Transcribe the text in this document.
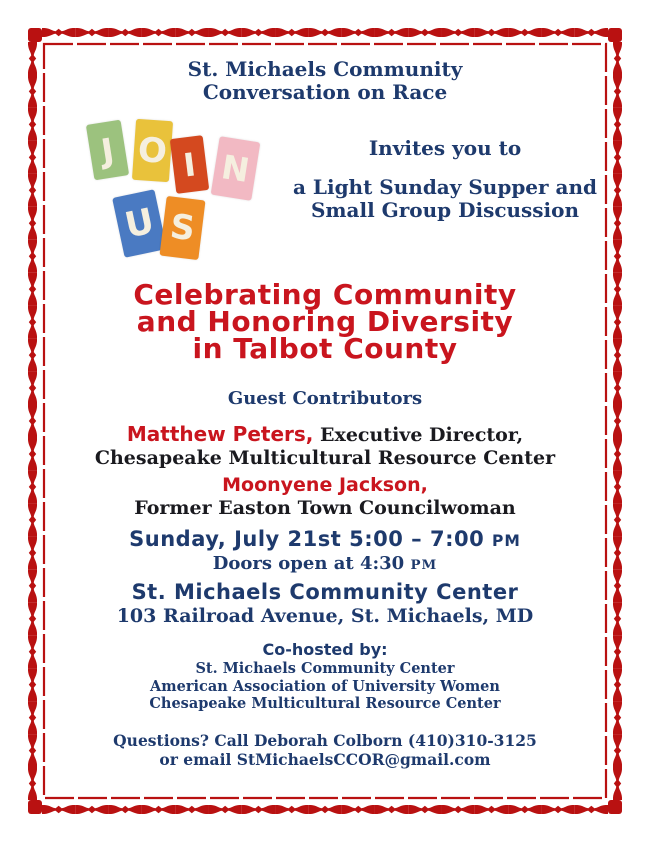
St. Michaels Community
Conversation on Race
J O I N
U S
Invites you to
a Light Sunday Supper and
Small Group Discussion
Celebrating Community
and Honoring Diversity
in Talbot County
Guest Contributors
Matthew Peters, Executive Director,
Chesapeake Multicultural Resource Center
Moonyene Jackson,
Former Easton Town Councilwoman
Sunday, July 21st 5:00 – 7:00 PM
Doors open at 4:30 PM
St. Michaels Community Center
103 Railroad Avenue, St. Michaels, MD
Co-hosted by:
St. Michaels Community Center
American Association of University Women
Chesapeake Multicultural Resource Center
Questions? Call Deborah Colborn (410)310-3125
or email StMichaelsCCOR@gmail.com
